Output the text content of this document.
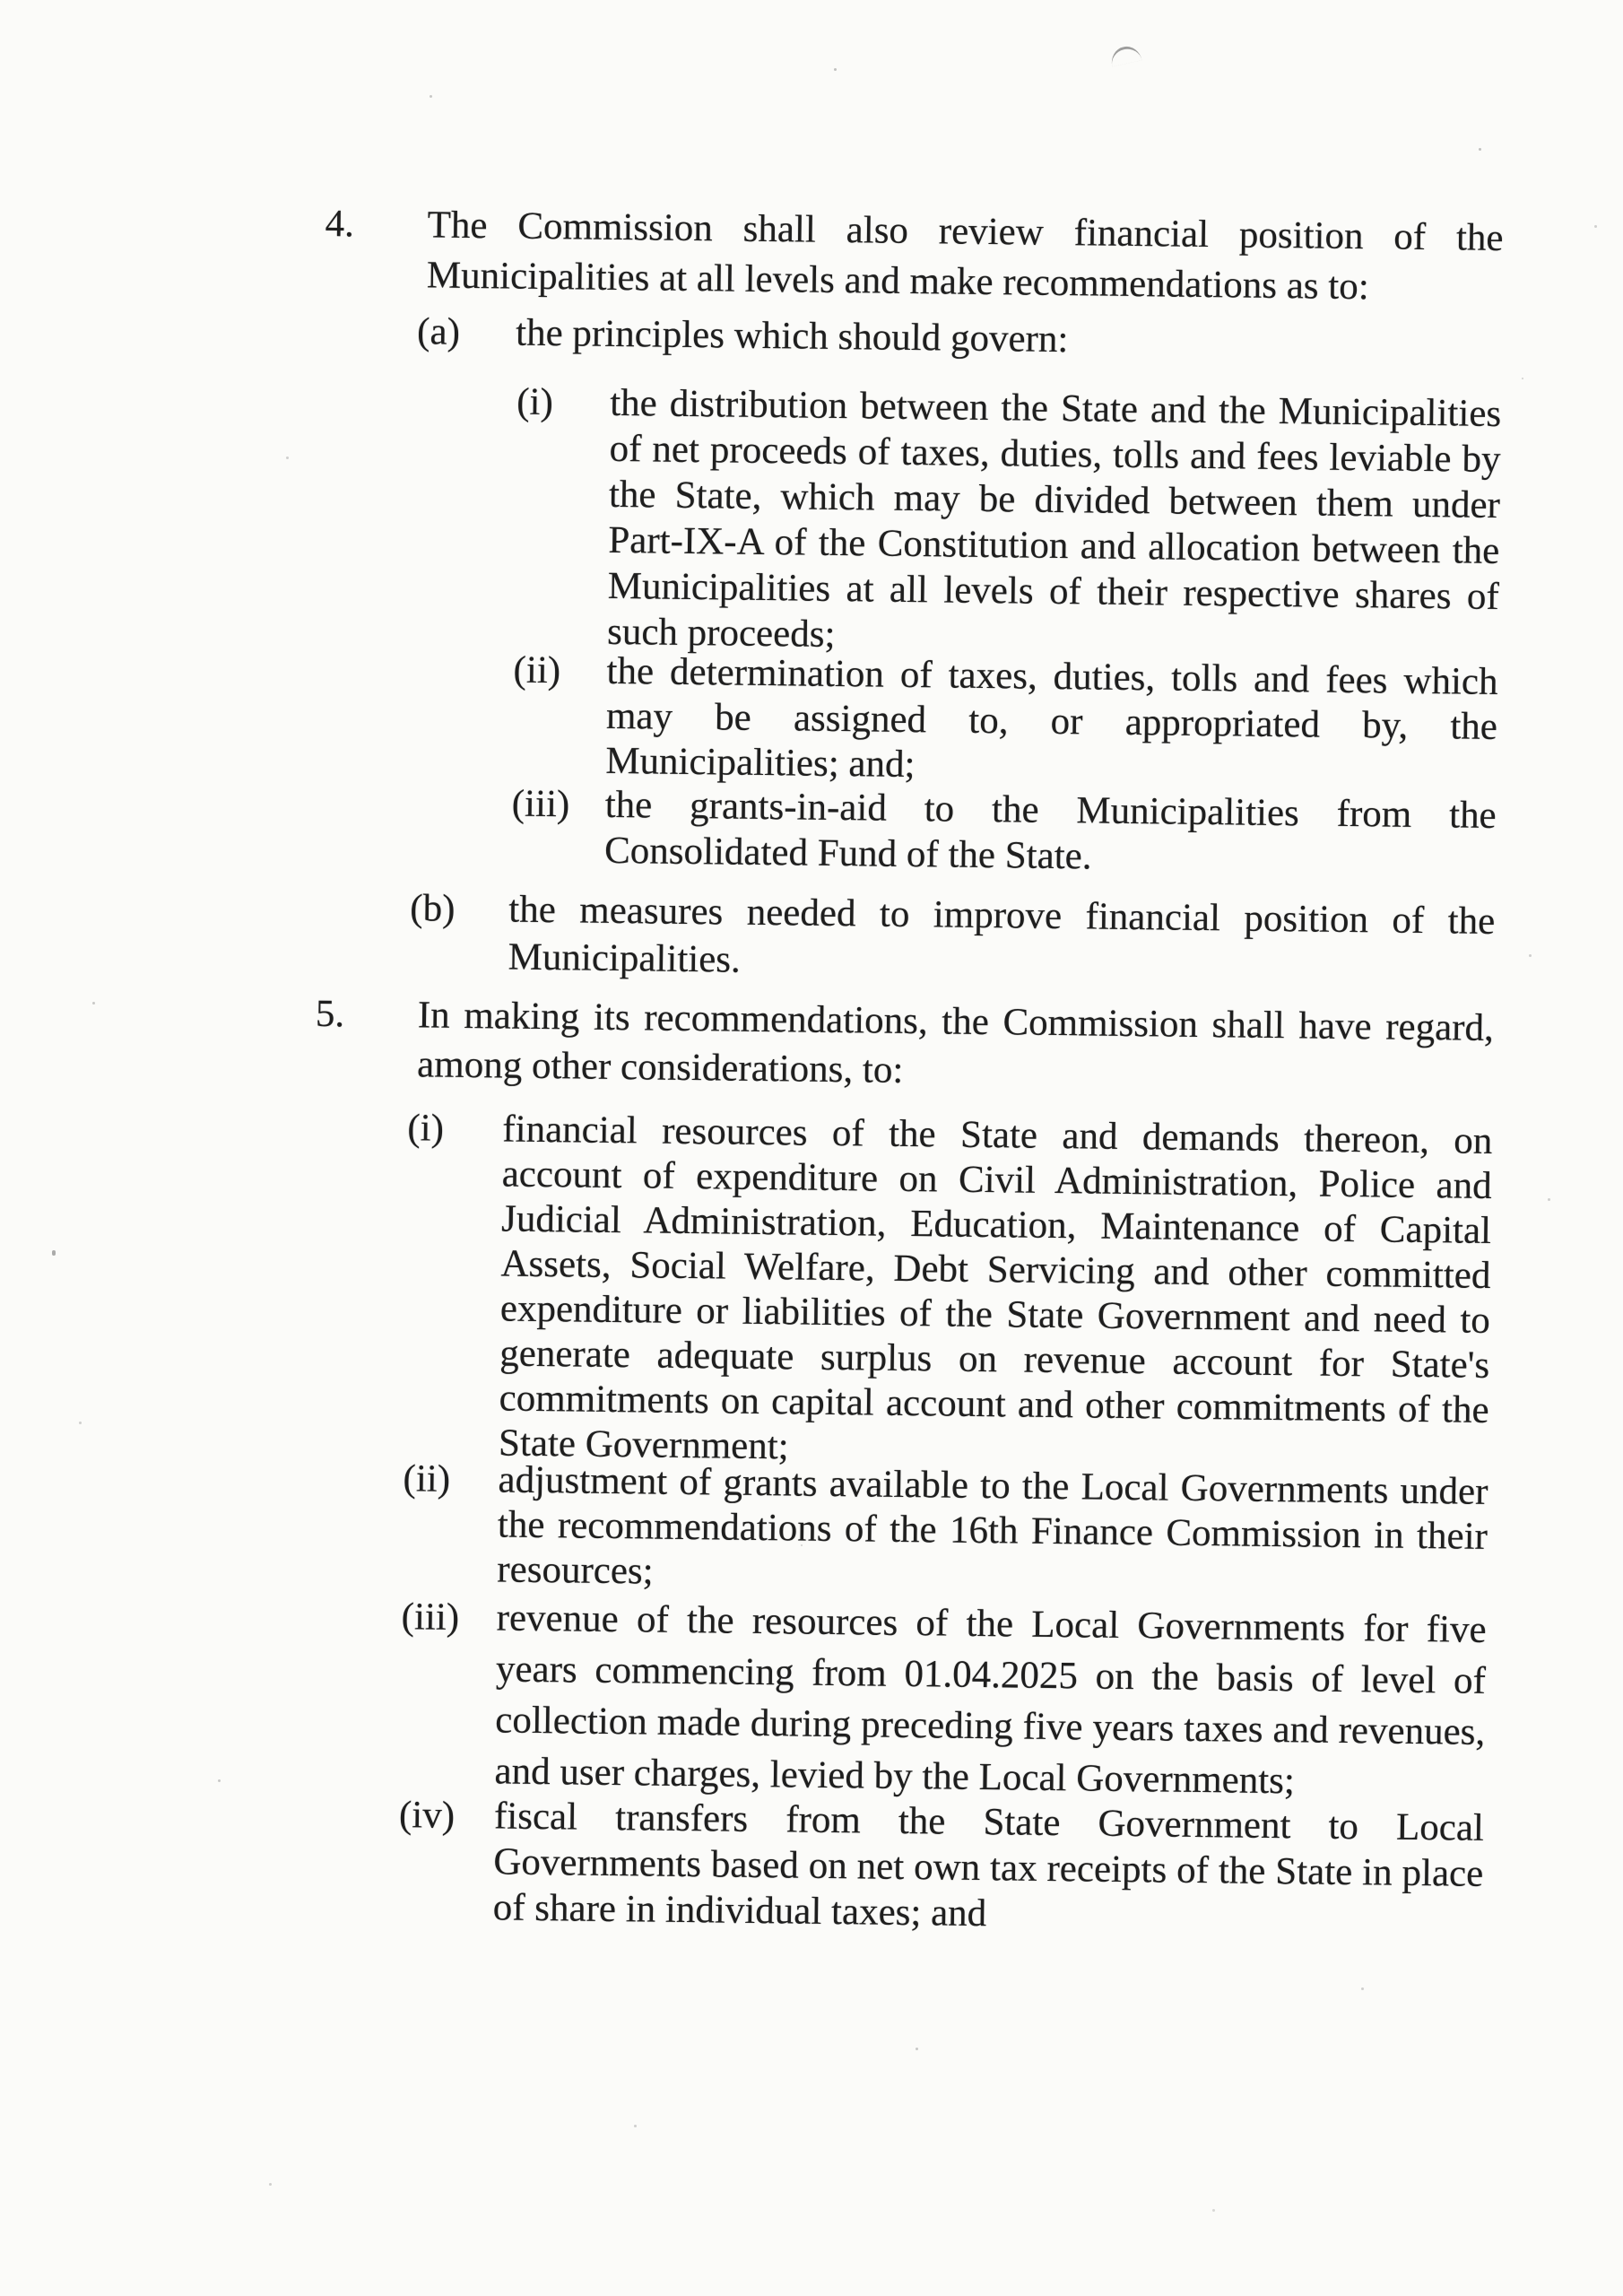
4. The Commission shall also review financial position of the
Municipalities at all levels and make recommendations as to:
(a) the principles which should govern:
(i) the distribution between the State and the Municipalities
of net proceeds of taxes, duties, tolls and fees leviable by
the State, which may be divided between them under
Part-IX-A of the Constitution and allocation between the
Municipalities at all levels of their respective shares of
such proceeds;
(ii) the determination of taxes, duties, tolls and fees which
may be assigned to, or appropriated by, the
Municipalities; and;
(iii) the grants-in-aid to the Municipalities from the
Consolidated Fund of the State.
(b) the measures needed to improve financial position of the
Municipalities.
5. In making its recommendations, the Commission shall have regard,
among other considerations, to:
(i) financial resources of the State and demands thereon, on
account of expenditure on Civil Administration, Police and
Judicial Administration, Education, Maintenance of Capital
Assets, Social Welfare, Debt Servicing and other committed
expenditure or liabilities of the State Government and need to
generate adequate surplus on revenue account for State's
commitments on capital account and other commitments of the
State Government;
(ii) adjustment of grants available to the Local Governments under
the recommendations of the 16th Finance Commission in their
resources;
(iii) revenue of the resources of the Local Governments for five
years commencing from 01.04.2025 on the basis of level of
collection made during preceding five years taxes and revenues,
and user charges, levied by the Local Governments;
(iv) fiscal transfers from the State Government to Local
Governments based on net own tax receipts of the State in place
of share in individual taxes; and
